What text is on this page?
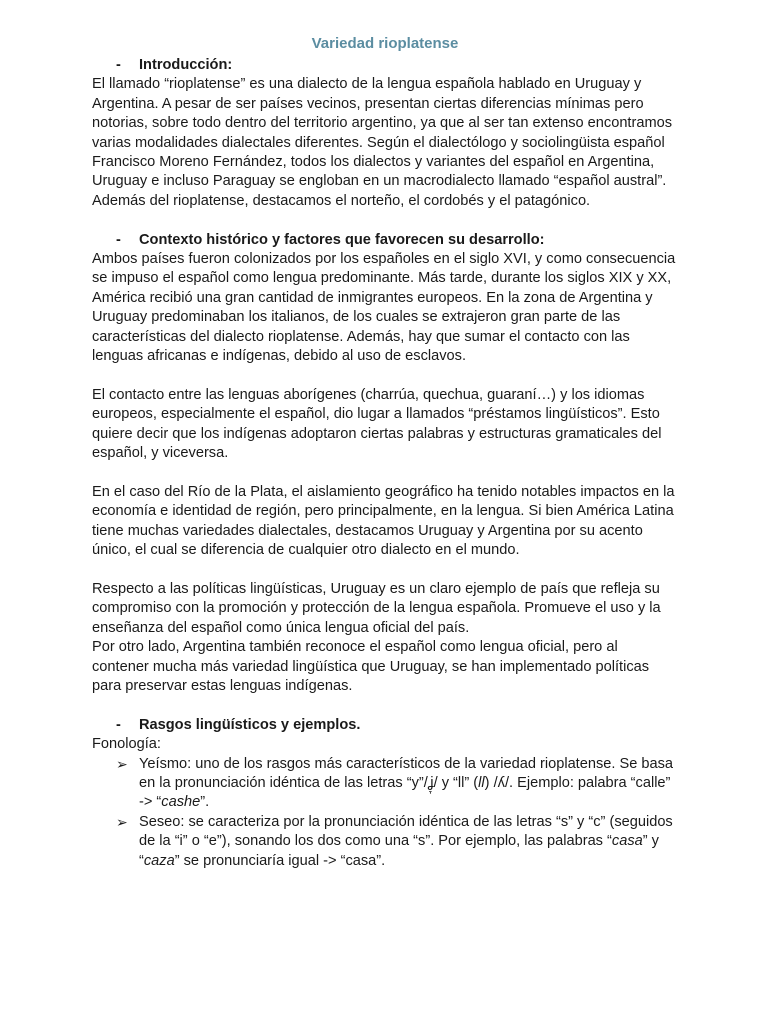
Variedad rioplatense
-	Introducción:

El llamado “rioplatense” es una dialecto de la lengua española hablado en Uruguay y Argentina. A pesar de ser países vecinos, presentan ciertas diferencias mínimas pero notorias, sobre todo dentro del territorio argentino, ya que al ser tan extenso encontramos varias modalidades dialectales diferentes. Según el dialectólogo y sociolingüista español Francisco Moreno Fernández, todos los dialectos y variantes del español en Argentina, Uruguay e incluso Paraguay se engloban en un macrodialecto llamado “español austral”.

Además del rioplatense, destacamos el norteño, el cordobés y el patagónico.

-	Contexto histórico y factores que favorecen su desarrollo:

Ambos países fueron colonizados por los españoles en el siglo XVI, y como consecuencia se impuso el español como lengua predominante. Más tarde, durante los siglos XIX y XX, América recibió una gran cantidad de inmigrantes europeos. En la zona de Argentina y Uruguay predominaban los italianos, de los cuales se extrajeron gran parte de las características del dialecto rioplatense. Además, hay que sumar el contacto con las lenguas africanas e indígenas, debido al uso de esclavos.

El contacto entre las lenguas aborígenes (charrúa, quechua, guaraní…) y los idiomas europeos, especialmente el español, dio lugar a llamados “préstamos lingüísticos”. Esto quiere decir que los indígenas adoptaron ciertas palabras y estructuras gramaticales del español, y viceversa.

En el caso del Río de la Plata, el aislamiento geográfico ha tenido notables impactos en la economía e identidad de región, pero principalmente, en la lengua. Si bien América Latina tiene muchas variedades dialectales, destacamos Uruguay y Argentina por su acento único, el cual se diferencia de cualquier otro dialecto en el mundo.

Respecto a las políticas lingüísticas, Uruguay es un claro ejemplo de país que refleja su compromiso con la promoción y protección de la lengua española. Promueve el uso y la enseñanza del español como única lengua oficial del país.

Por otro lado, Argentina también reconoce el español como lengua oficial, pero al contener mucha más variedad lingüística que Uruguay, se han implementado políticas para preservar estas lenguas indígenas.

-	Rasgos lingüísticos y ejemplos.

Fonología:

➢ Yeísmo: uno de los rasgos más característicos de la variedad rioplatense. Se basa en la pronunciación idéntica de las letras “y”/ʝ̞/ y “ll” (ll) /ʎ/. Ejemplo: palabra “calle” -> “cashe”.
➢ Seseo: se caracteriza por la pronunciación idéntica de las letras “s” y “c” (seguidos de la “i” o “e”), sonando los dos como una “s”. Por ejemplo, las palabras “casa” y “caza” se pronunciaría igual -> “casa”.
